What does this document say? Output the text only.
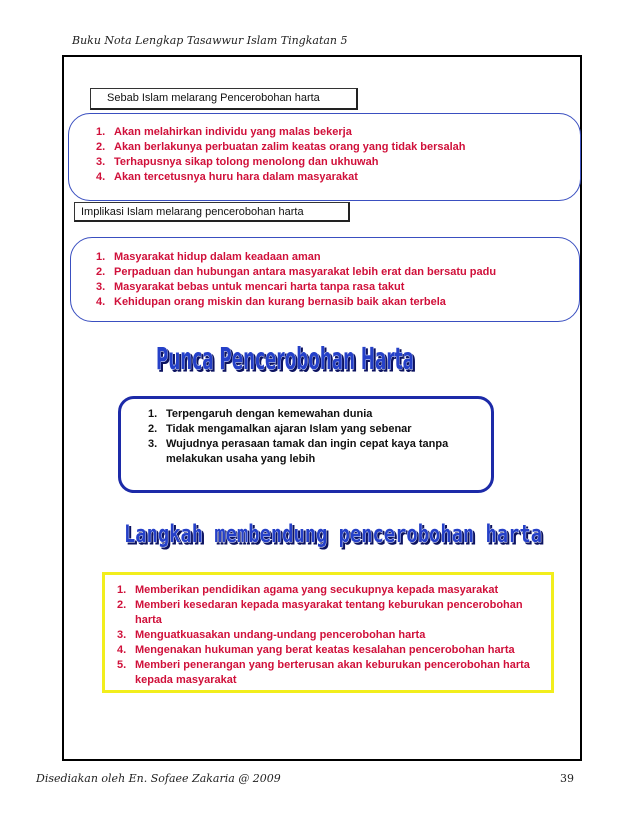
Buku Nota Lengkap Tasawwur Islam Tingkatan 5
Sebab Islam melarang Pencerobohan harta
1. Akan melahirkan individu yang malas bekerja
2. Akan berlakunya perbuatan zalim keatas orang yang tidak bersalah
3. Terhapusnya sikap tolong menolong dan ukhuwah
4. Akan tercetusnya huru hara dalam masyarakat
Implikasi Islam melarang pencerobohan harta
1. Masyarakat hidup dalam keadaan aman
2. Perpaduan dan hubungan antara masyarakat lebih erat dan bersatu padu
3. Masyarakat bebas untuk mencari harta tanpa rasa takut
4. Kehidupan orang miskin dan kurang bernasib baik akan terbela
Punca Pencerobohan Harta
1. Terpengaruh dengan kemewahan dunia
2. Tidak mengamalkan ajaran Islam yang sebenar
3. Wujudnya perasaan tamak dan ingin cepat kaya tanpa melakukan usaha yang lebih
Langkah membendung pencerobohan harta
1. Memberikan pendidikan agama yang secukupnya kepada masyarakat
2. Memberi kesedaran kepada masyarakat tentang keburukan pencerobohan harta
3. Menguatkuasakan undang-undang pencerobohan harta
4. Mengenakan hukuman yang berat keatas kesalahan pencerobohan harta
5. Memberi penerangan yang berterusan akan keburukan pencerobohan harta kepada masyarakat
Disediakan oleh En. Sofaee Zakaria @ 2009	39
